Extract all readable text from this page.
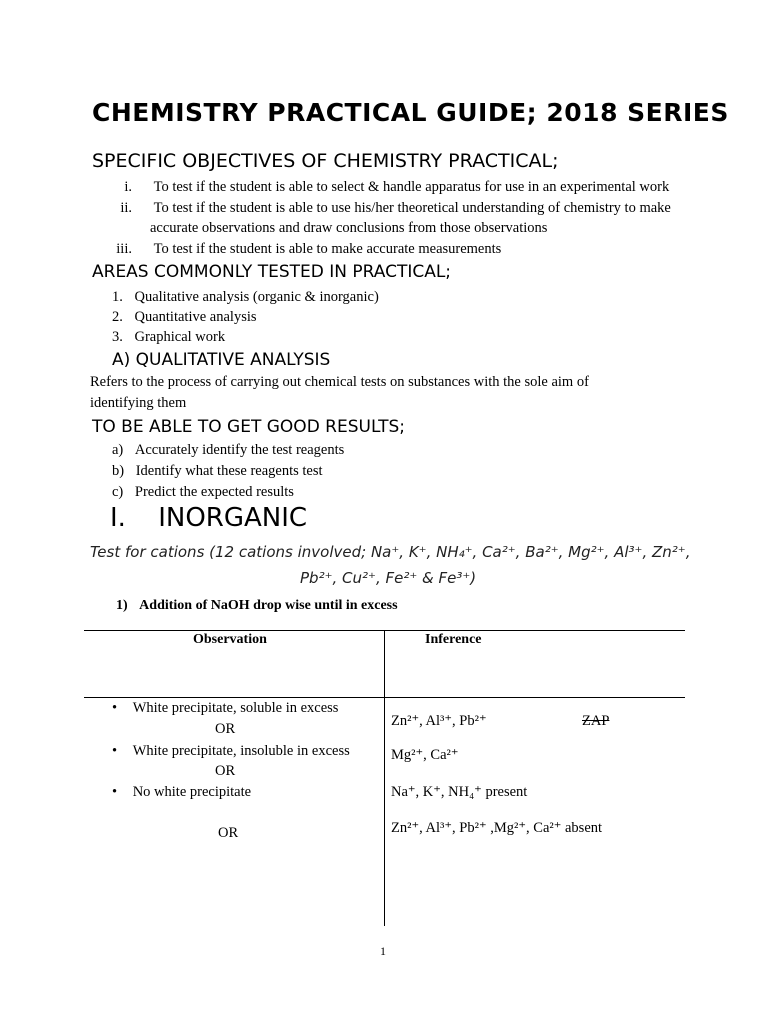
CHEMISTRY PRACTICAL GUIDE; 2018 SERIES
SPECIFIC OBJECTIVES OF CHEMISTRY PRACTICAL;
i. To test if the student is able to select & handle apparatus for use in an experimental work
ii. To test if the student is able to use his/her theoretical understanding of chemistry to make
accurate observations and draw conclusions from those observations
iii. To test if the student is able to make accurate measurements
AREAS COMMONLY TESTED IN PRACTICAL;
1. Qualitative analysis (organic & inorganic)
2. Quantitative analysis
3. Graphical work
A) QUALITATIVE ANALYSIS
Refers to the process of carrying out chemical tests on substances with the sole aim of
identifying them
TO BE ABLE TO GET GOOD RESULTS;
a) Accurately identify the test reagents
b) Identify what these reagents test
c) Predict the expected results
I. INORGANIC
Test for cations (12 cations involved; Na⁺, K⁺, NH₄⁺, Ca²⁺, Ba²⁺, Mg²⁺, Al³⁺, Zn²⁺,
Pb²⁺, Cu²⁺, Fe²⁺ & Fe³⁺)
1) Addition of NaOH drop wise until in excess
Observation	Inference
• White precipitate, soluble in excess
OR
• White precipitate, insoluble in excess
OR
• No white precipitate
OR
Zn²⁺, Al³⁺, Pb²⁺	ZAP
Mg²⁺, Ca²⁺
Na⁺, K⁺, NH₄⁺ present
Zn²⁺, Al³⁺, Pb²⁺ ,Mg²⁺, Ca²⁺ absent
1
